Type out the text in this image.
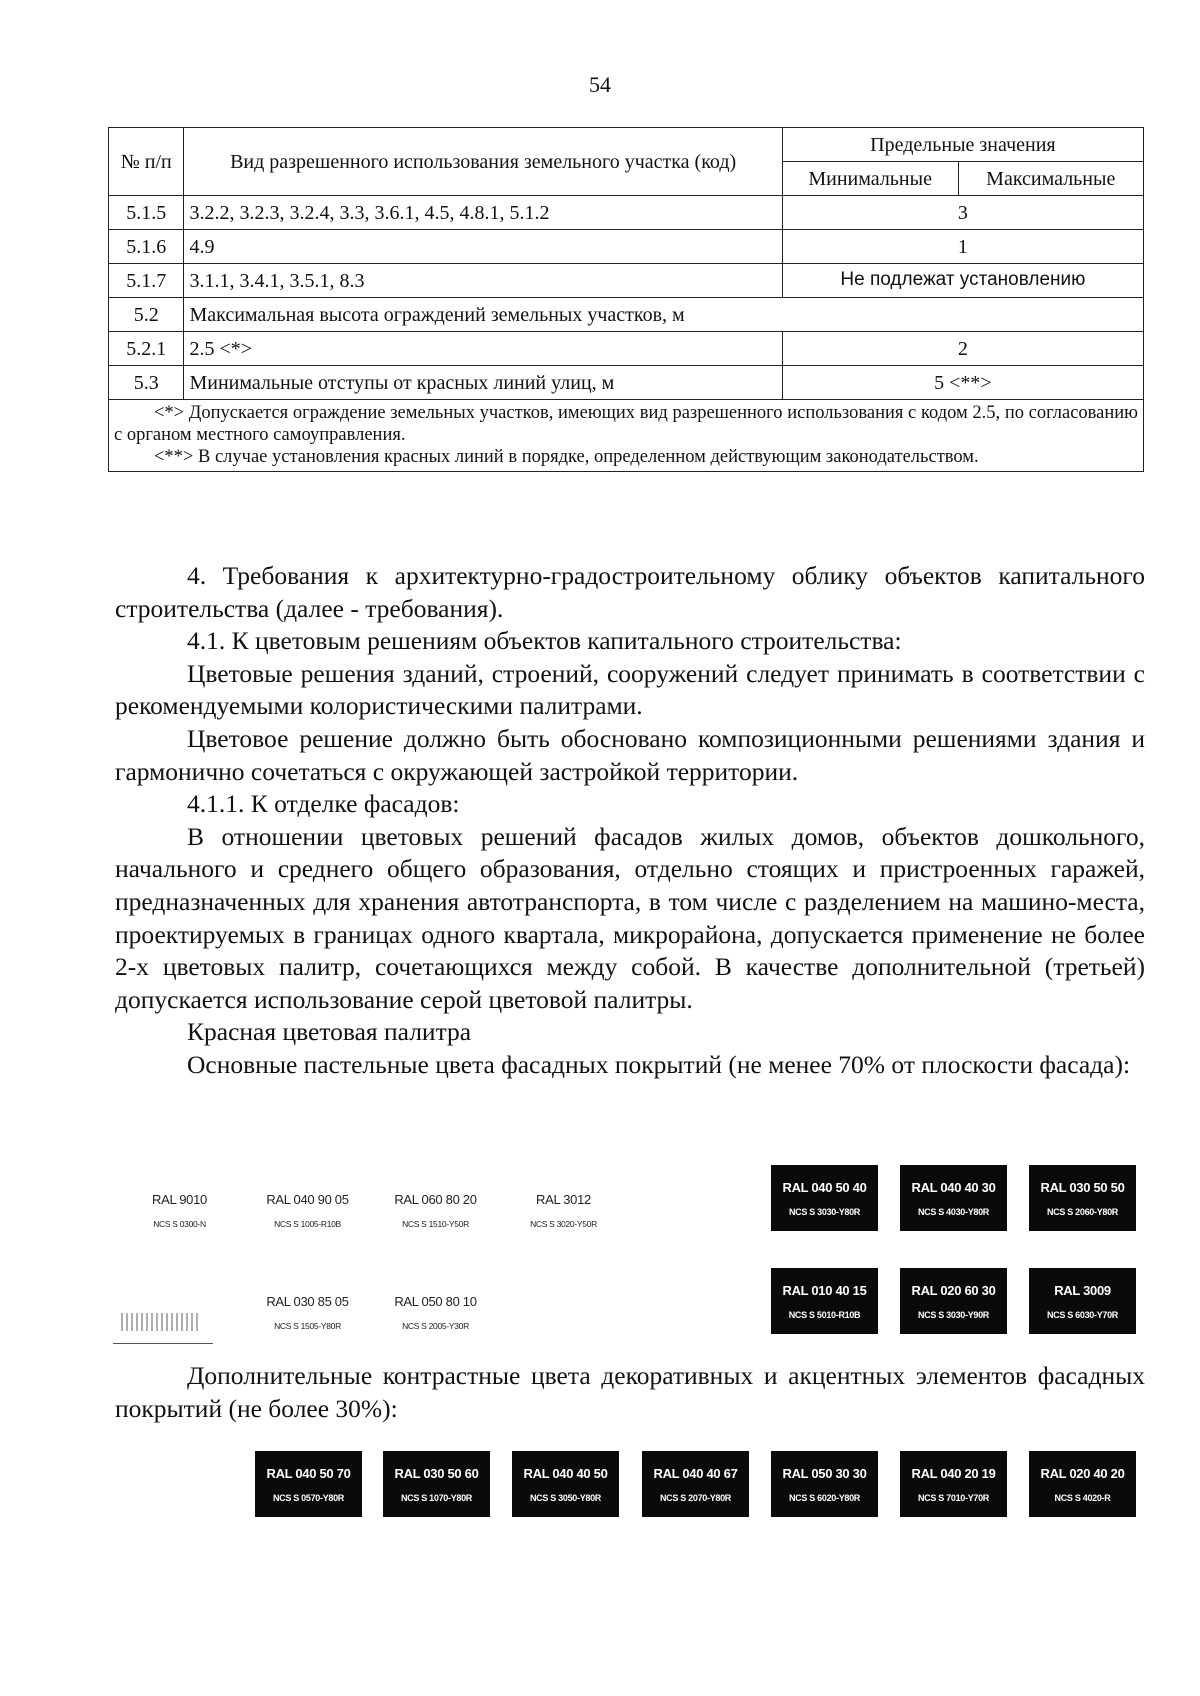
54
№ п/п	Вид разрешенного использования земельного участка (код)	Предельные значения	
		Минимальные	Максимальные
5.1.5	3.2.2, 3.2.3, 3.2.4, 3.3, 3.6.1, 4.5, 4.8.1, 5.1.2	3	
5.1.6	4.9	1	
5.1.7	3.1.1, 3.4.1, 3.5.1, 8.3	Не подлежат установлению	
5.2	Максимальная высота ограждений земельных участков, м		
5.2.1	2.5 <*>	2	
5.3	Минимальные отступы от красных линий улиц, м	5 <**>	

<*> Допускается ограждение земельных участков, имеющих вид разрешенного использования с кодом 2.5, по согласованию с органом местного самоуправления.

<**> В случае установления красных линий в порядке, определенном действующим законодательством.			

4. Требования к архитектурно-градостроительному облику объектов капитального строительства (далее - требования).

4.1. К цветовым решениям объектов капитального строительства:

Цветовые решения зданий, строений, сооружений следует принимать в соответствии с рекомендуемыми колористическими палитрами.

Цветовое решение должно быть обосновано композиционными решениями здания и гармонично сочетаться с окружающей застройкой территории.

4.1.1. К отделке фасадов:

В отношении цветовых решений фасадов жилых домов, объектов дошкольного, начального и среднего общего образования, отдельно стоящих и пристроенных гаражей, предназначенных для хранения автотранспорта, в том числе с разделением на машино-места, проектируемых в границах одного квартала, микрорайона, допускается применение не более 2-х цветовых палитр, сочетающихся между собой. В качестве дополнительной (третьей) допускается использование серой цветовой палитры.

Красная цветовая палитра

Основные пастельные цвета фасадных покрытий (не менее 70% от плоскости фасада):

RAL 9010
NCS S 0300-N
RAL 040 90 05
NCS S 1005-R10B
RAL 060 80 20
NCS S 1510-Y50R
RAL 3012
NCS S 3020-Y50R
RAL 040 50 40
NCS S 3030-Y80R
RAL 040 40 30
NCS S 4030-Y80R
RAL 030 50 50
NCS S 2060-Y80R
RAL 030 85 05
NCS S 1505-Y80R
RAL 050 80 10
NCS S 2005-Y30R
RAL 010 40 15
NCS S 5010-R10B
RAL 020 60 30
NCS S 3030-Y90R
RAL 3009
NCS S 6030-Y70R

Дополнительные контрастные цвета декоративных и акцентных элементов фасадных покрытий (не более 30%):

RAL 040 50 70
NCS S 0570-Y80R
RAL 030 50 60
NCS S 1070-Y80R
RAL 040 40 50
NCS S 3050-Y80R
RAL 040 40 67
NCS S 2070-Y80R
RAL 050 30 30
NCS S 6020-Y80R
RAL 040 20 19
NCS S 7010-Y70R
RAL 020 40 20
NCS S 4020-R
